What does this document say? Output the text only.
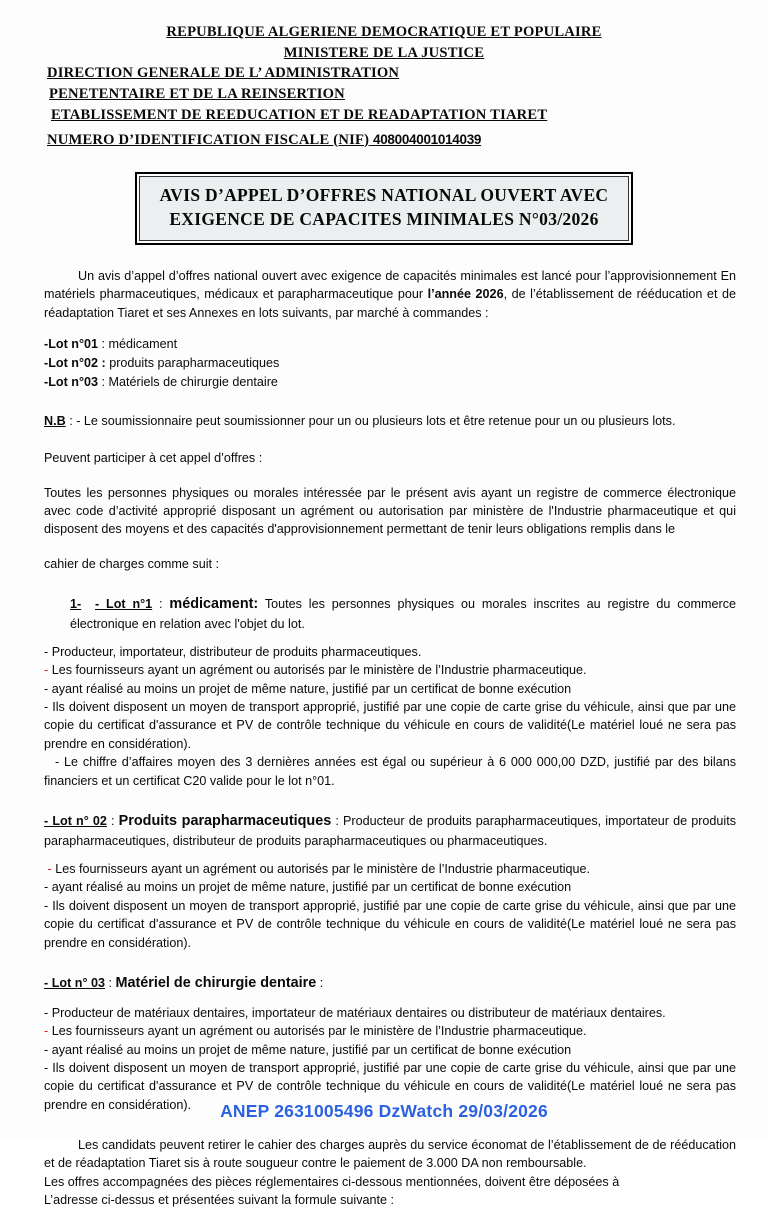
REPUBLIQUE ALGERIENE DEMOCRATIQUE ET POPULAIRE
MINISTERE DE LA JUSTICE
DIRECTION GENERALE DE L’ ADMINISTRATION
PENETENTAIRE ET DE LA REINSERTION
ETABLISSEMENT DE REEDUCATION ET DE READAPTATION TIARET
NUMERO D’IDENTIFICATION FISCALE (NIF) 408004001014039
AVIS D’APPEL D’OFFRES NATIONAL OUVERT AVEC
EXIGENCE DE CAPACITES MINIMALES N°03/2026

Un avis d’appel d’offres national ouvert avec exigence de capacités minimales est lancé pour l’approvisionnement En matériels pharmaceutiques, médicaux et parapharmaceutique pour l’année 2026, de l’établissement de rééducation et de réadaptation Tiaret et ses Annexes en lots suivants, par marché à commandes :

-Lot n°01 : médicament
-Lot n°02 : produits parapharmaceutiques
-Lot n°03 : Matériels de chirurgie dentaire

N.B : - Le soumissionnaire peut soumissionner pour un ou plusieurs lots et être retenue pour un ou plusieurs lots.

Peuvent participer à cet appel d’offres :

Toutes les personnes physiques ou morales intéressée par le présent avis ayant un registre de commerce électronique avec code d’activité approprié disposant un agrément ou autorisation par ministère de l'Industrie pharmaceutique et qui disposent des moyens et des capacités d'approvisionnement permettant de tenir leurs obligations remplis dans le

cahier de charges comme suit :

1- - Lot n°1 : médicament: Toutes les personnes physiques ou morales inscrites au registre du commerce électronique en relation avec l'objet du lot.

- Producteur, importateur, distributeur de produits pharmaceutiques.

- Les fournisseurs ayant un agrément ou autorisés par le ministère de l’Industrie pharmaceutique.

- ayant réalisé au moins un projet de même nature, justifié par un certificat de bonne exécution

- Ils doivent disposent un moyen de transport approprié, justifié par une copie de carte grise du véhicule, ainsi que par une copie du certificat d'assurance et PV de contrôle technique du véhicule en cours de validité(Le matériel loué ne sera pas prendre en considération).

- Le chiffre d’affaires moyen des 3 dernières années est égal ou supérieur à 6 000 000,00 DZD, justifié par des bilans financiers et un certificat C20 valide pour le lot n°01.

- Lot n° 02 : Produits parapharmaceutiques : Producteur de produits parapharmaceutiques, importateur de produits parapharmaceutiques, distributeur de produits parapharmaceutiques ou pharmaceutiques.

- Les fournisseurs ayant un agrément ou autorisés par le ministère de l’Industrie pharmaceutique.

- ayant réalisé au moins un projet de même nature, justifié par un certificat de bonne exécution

- Ils doivent disposent un moyen de transport approprié, justifié par une copie de carte grise du véhicule, ainsi que par une copie du certificat d'assurance et PV de contrôle technique du véhicule en cours de validité(Le matériel loué ne sera pas prendre en considération).

- Lot n° 03 : Matériel de chirurgie dentaire :

- Producteur de matériaux dentaires, importateur de matériaux dentaires ou distributeur de matériaux dentaires.

- Les fournisseurs ayant un agrément ou autorisés par le ministère de l’Industrie pharmaceutique.

- ayant réalisé au moins un projet de même nature, justifié par un certificat de bonne exécution

- Ils doivent disposent un moyen de transport approprié, justifié par une copie de carte grise du véhicule, ainsi que par une copie du certificat d'assurance et PV de contrôle technique du véhicule en cours de validité(Le matériel loué ne sera pas prendre en considération).

Les candidats peuvent retirer le cahier des charges auprès du service économat de l’établissement de de rééducation et de réadaptation Tiaret sis à route sougueur contre le paiement de 3.000 DA non remboursable.

Les offres accompagnées des pièces réglementaires ci-dessous mentionnées, doivent être déposées à

L’adresse ci-dessus et présentées suivant la formule suivante :

ANEP 2631005496 DzWatch 29/03/2026
